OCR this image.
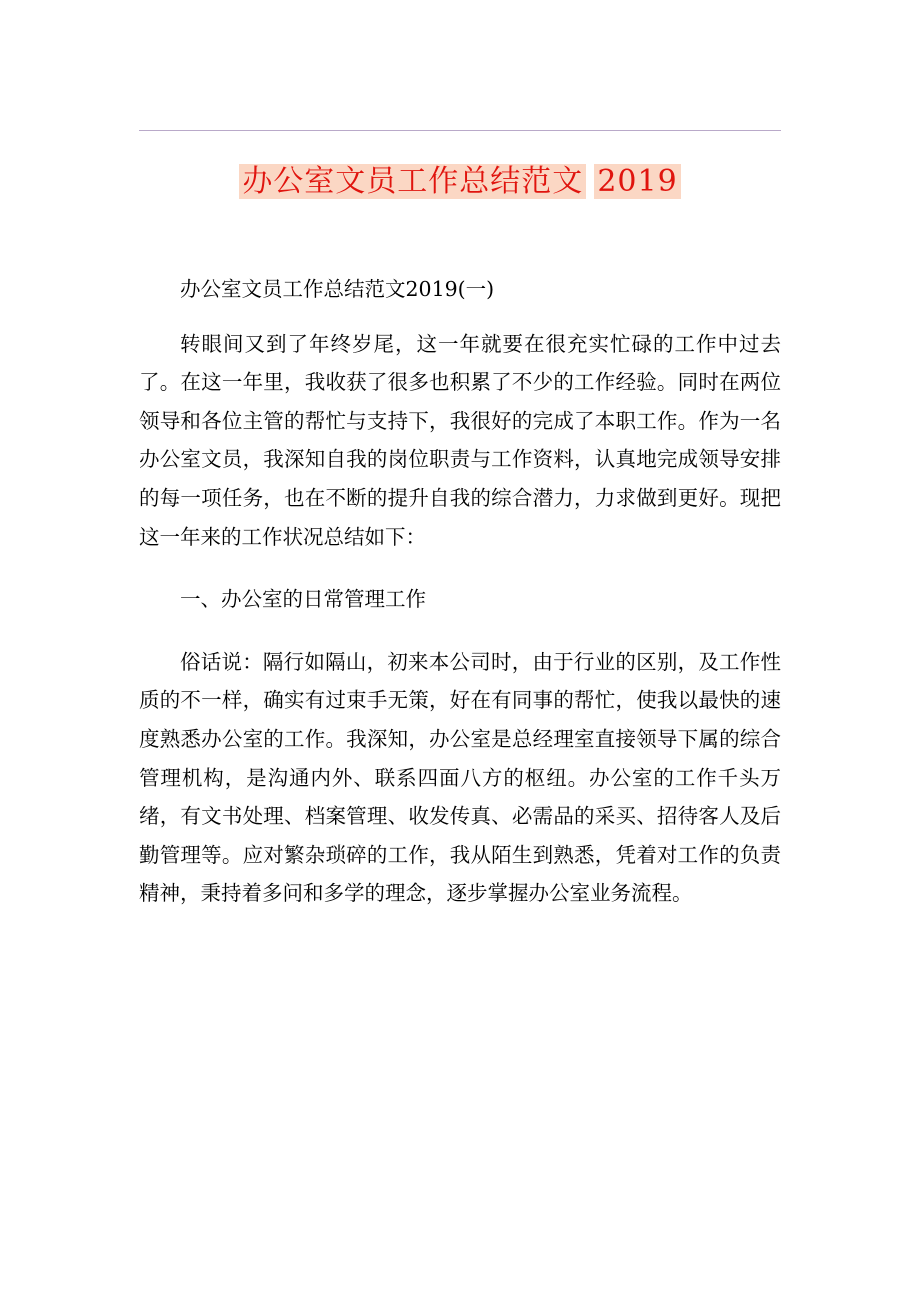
办公室文员工作总结范文 2019

办公室文员工作总结范文2019(一)

转眼间又到了年终岁尾，这一年就要在很充实忙碌的工作中过去了。在这一年里，我收获了很多也积累了不少的工作经验。同时在两位领导和各位主管的帮忙与支持下，我很好的完成了本职工作。作为一名办公室文员，我深知自我的岗位职责与工作资料，认真地完成领导安排的每一项任务，也在不断的提升自我的综合潜力，力求做到更好。现把这一年来的工作状况总结如下：

一、办公室的日常管理工作

俗话说：隔行如隔山，初来本公司时，由于行业的区别，及工作性质的不一样，确实有过束手无策，好在有同事的帮忙，使我以最快的速度熟悉办公室的工作。我深知，办公室是总经理室直接领导下属的综合管理机构，是沟通内外、联系四面八方的枢纽。办公室的工作千头万绪，有文书处理、档案管理、收发传真、必需品的采买、招待客人及后勤管理等。应对繁杂琐碎的工作，我从陌生到熟悉，凭着对工作的负责精神，秉持着多问和多学的理念，逐步掌握办公室业务流程。
